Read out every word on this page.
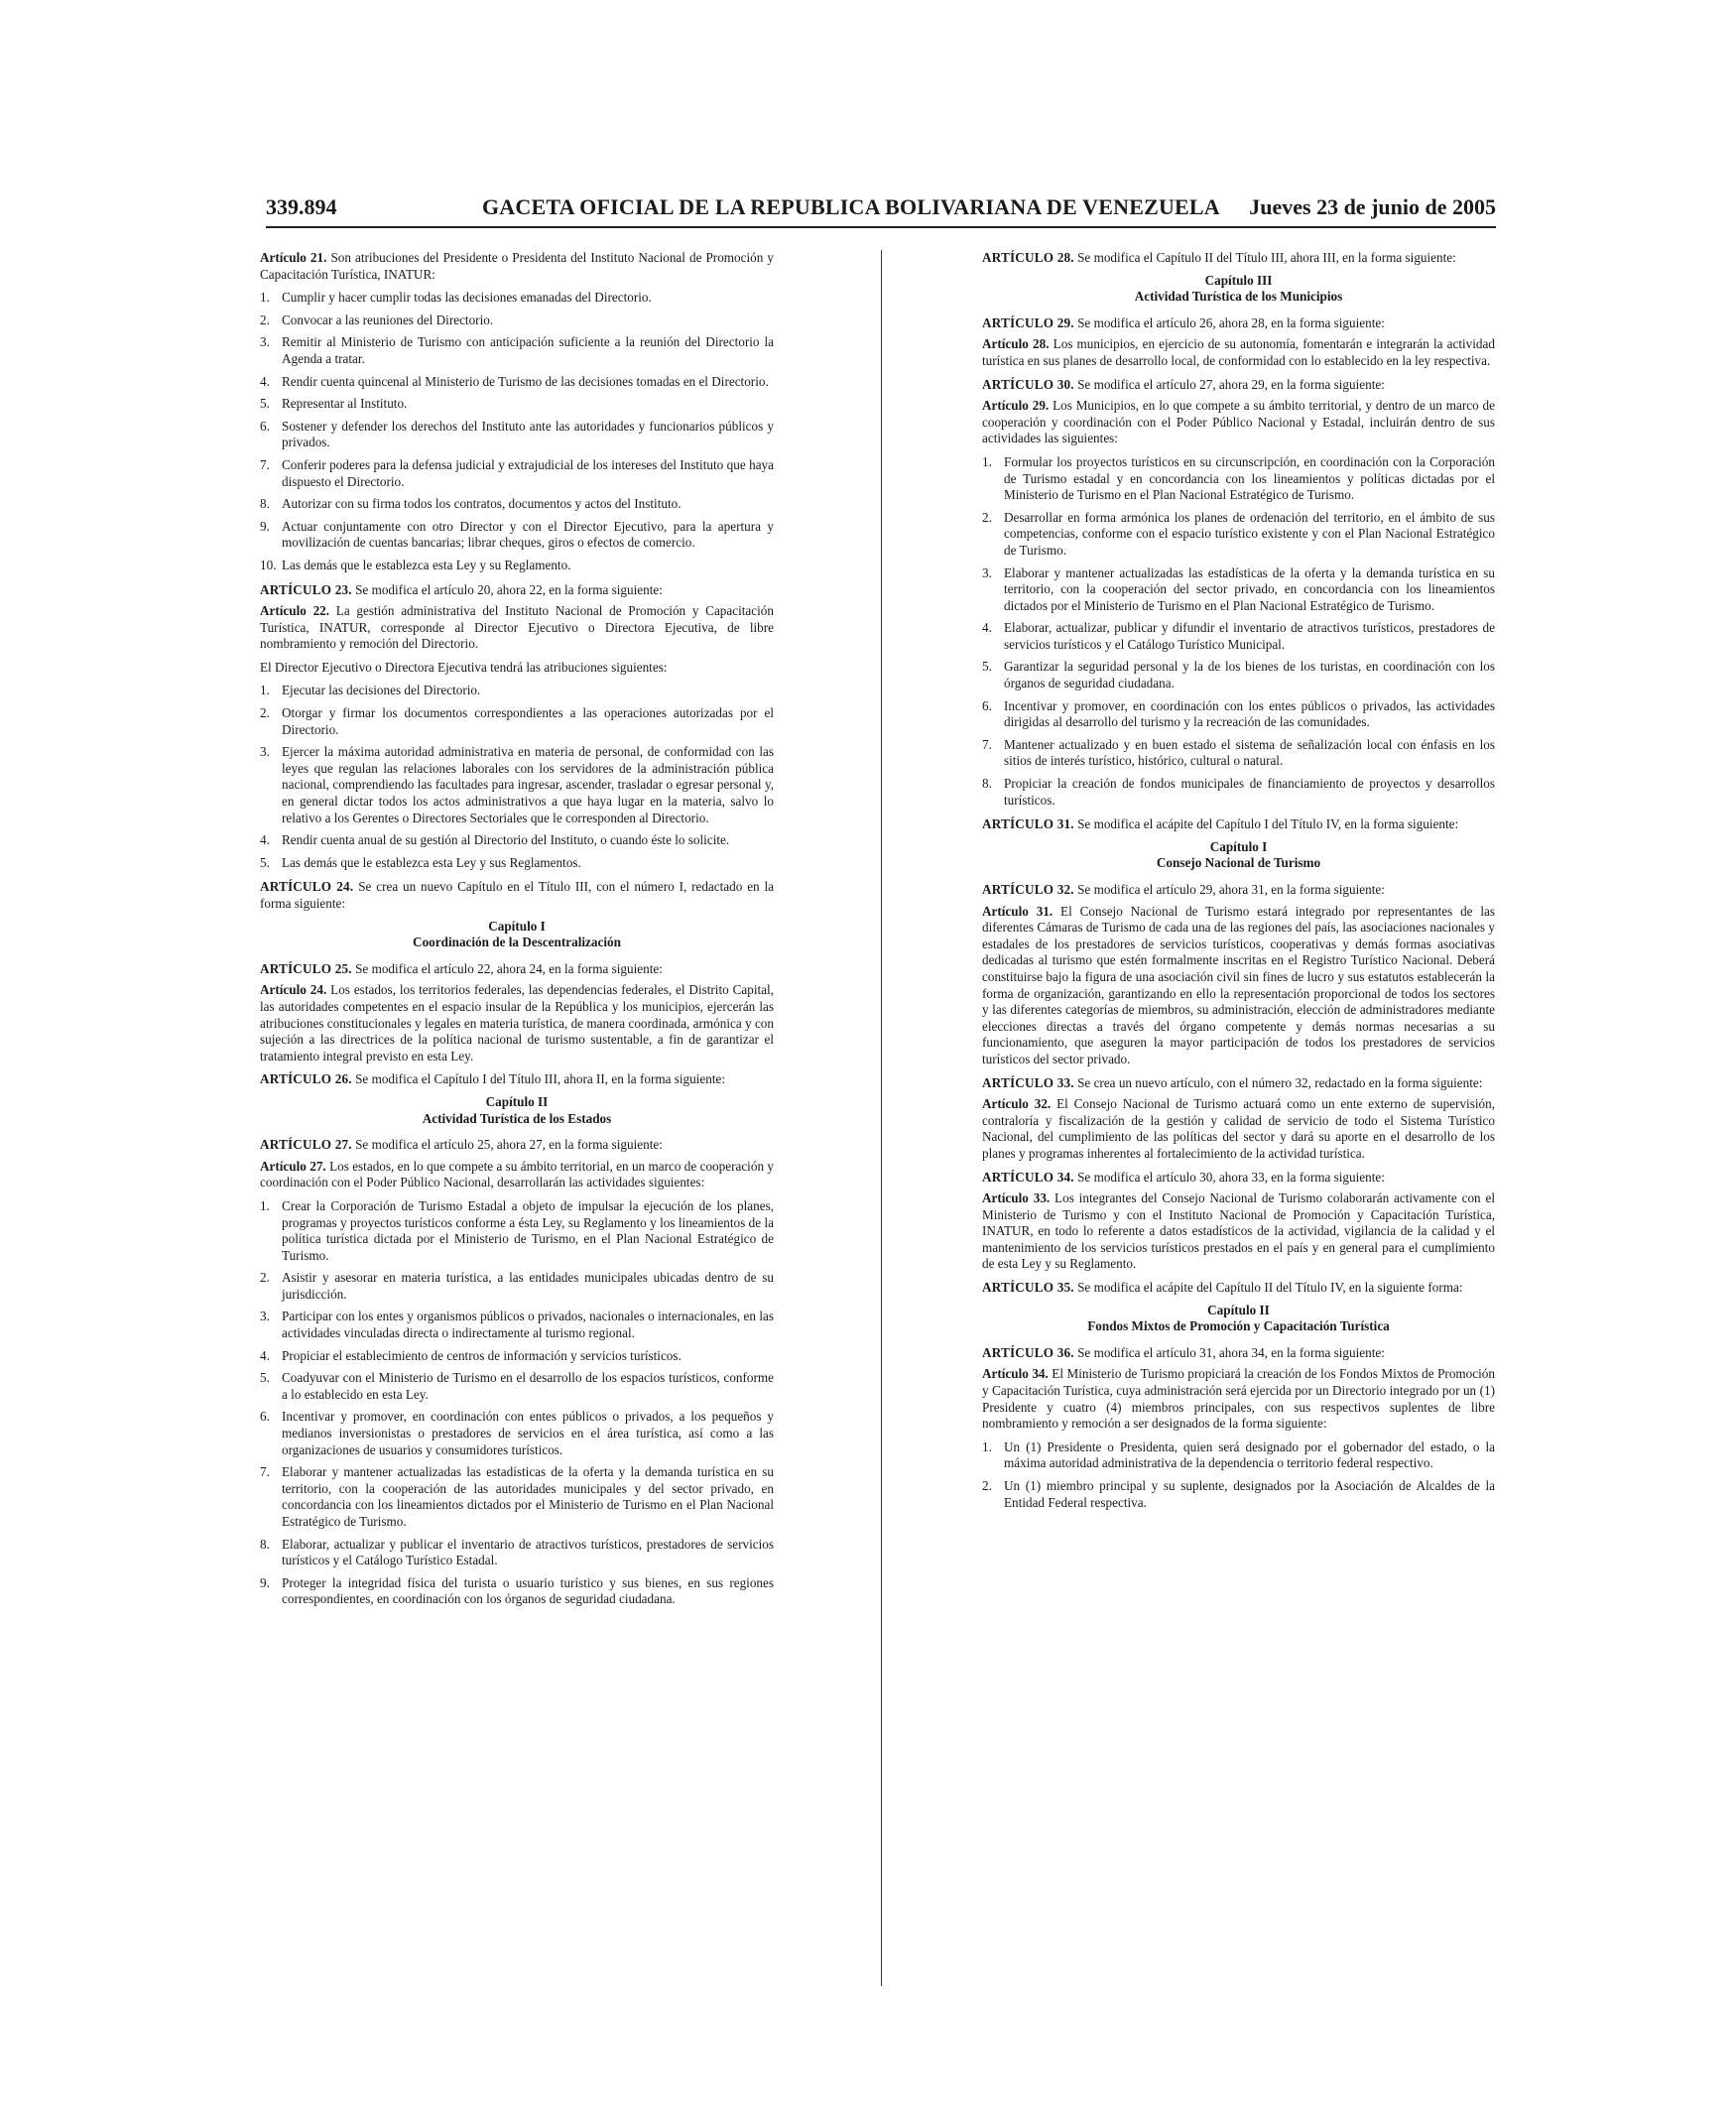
339.894	GACETA OFICIAL DE LA REPUBLICA BOLIVARIANA DE VENEZUELA Jueves 23 de junio de 2005

Artículo 21. Son atribuciones del Presidente o Presidenta del Instituto Nacional de Promoción y Capacitación Turística, INATUR:

1. Cumplir y hacer cumplir todas las decisiones emanadas del Directorio.
2. Convocar a las reuniones del Directorio.
3. Remitir al Ministerio de Turismo con anticipación suficiente a la reunión del Directorio la Agenda a tratar.
4. Rendir cuenta quincenal al Ministerio de Turismo de las decisiones tomadas en el Directorio.
5. Representar al Instituto.
6. Sostener y defender los derechos del Instituto ante las autoridades y funcionarios públicos y privados.
7. Conferir poderes para la defensa judicial y extrajudicial de los intereses del Instituto que haya dispuesto el Directorio.
8. Autorizar con su firma todos los contratos, documentos y actos del Instituto.
9. Actuar conjuntamente con otro Director y con el Director Ejecutivo, para la apertura y movilización de cuentas bancarias; librar cheques, giros o efectos de comercio.
10. Las demás que le establezca esta Ley y su Reglamento.

ARTÍCULO 23. Se modifica el artículo 20, ahora 22, en la forma siguiente:

Artículo 22. La gestión administrativa del Instituto Nacional de Promoción y Capacitación Turística, INATUR, corresponde al Director Ejecutivo o Directora Ejecutiva, de libre nombramiento y remoción del Directorio.

El Director Ejecutivo o Directora Ejecutiva tendrá las atribuciones siguientes:

1. Ejecutar las decisiones del Directorio.
2. Otorgar y firmar los documentos correspondientes a las operaciones autorizadas por el Directorio.
3. Ejercer la máxima autoridad administrativa en materia de personal, de conformidad con las leyes que regulan las relaciones laborales con los servidores de la administración pública nacional, comprendiendo las facultades para ingresar, ascender, trasladar o egresar personal y, en general dictar todos los actos administrativos a que haya lugar en la materia, salvo lo relativo a los Gerentes o Directores Sectoriales que le corresponden al Directorio.
4. Rendir cuenta anual de su gestión al Directorio del Instituto, o cuando éste lo solicite.
5. Las demás que le establezca esta Ley y sus Reglamentos.

ARTÍCULO 24. Se crea un nuevo Capítulo en el Título III, con el número I, redactado en la forma siguiente:

Capítulo I
Coordinación de la Descentralización

ARTÍCULO 25. Se modifica el artículo 22, ahora 24, en la forma siguiente:

Artículo 24. Los estados, los territorios federales, las dependencias federales, el Distrito Capital, las autoridades competentes en el espacio insular de la República y los municipios, ejercerán las atribuciones constitucionales y legales en materia turística, de manera coordinada, armónica y con sujeción a las directrices de la política nacional de turismo sustentable, a fin de garantizar el tratamiento integral previsto en esta Ley.

ARTÍCULO 26. Se modifica el Capítulo I del Título III, ahora II, en la forma siguiente:

Capítulo II
Actividad Turística de los Estados

ARTÍCULO 27. Se modifica el artículo 25, ahora 27, en la forma siguiente:

Artículo 27. Los estados, en lo que compete a su ámbito territorial, en un marco de cooperación y coordinación con el Poder Público Nacional, desarrollarán las actividades siguientes:

1. Crear la Corporación de Turismo Estadal a objeto de impulsar la ejecución de los planes, programas y proyectos turísticos conforme a ésta Ley, su Reglamento y los lineamientos de la política turística dictada por el Ministerio de Turismo, en el Plan Nacional Estratégico de Turismo.
2. Asistir y asesorar en materia turística, a las entidades municipales ubicadas dentro de su jurisdicción.
3. Participar con los entes y organismos públicos o privados, nacionales o internacionales, en las actividades vinculadas directa o indirectamente al turismo regional.
4. Propiciar el establecimiento de centros de información y servicios turísticos.
5. Coadyuvar con el Ministerio de Turismo en el desarrollo de los espacios turísticos, conforme a lo establecido en esta Ley.
6. Incentivar y promover, en coordinación con entes públicos o privados, a los pequeños y medianos inversionistas o prestadores de servicios en el área turística, así como a las organizaciones de usuarios y consumidores turísticos.
7. Elaborar y mantener actualizadas las estadísticas de la oferta y la demanda turística en su territorio, con la cooperación de las autoridades municipales y del sector privado, en concordancia con los lineamientos dictados por el Ministerio de Turismo en el Plan Nacional Estratégico de Turismo.
8. Elaborar, actualizar y publicar el inventario de atractivos turísticos, prestadores de servicios turísticos y el Catálogo Turístico Estadal.
9. Proteger la integridad física del turista o usuario turístico y sus bienes, en sus regiones correspondientes, en coordinación con los órganos de seguridad ciudadana.

ARTÍCULO 28. Se modifica el Capítulo II del Título III, ahora III, en la forma siguiente:

Capítulo III
Actividad Turística de los Municipios

ARTÍCULO 29. Se modifica el artículo 26, ahora 28, en la forma siguiente:

Artículo 28. Los municipios, en ejercicio de su autonomía, fomentarán e integrarán la actividad turística en sus planes de desarrollo local, de conformidad con lo establecido en la ley respectiva.

ARTÍCULO 30. Se modifica el artículo 27, ahora 29, en la forma siguiente:

Artículo 29. Los Municipios, en lo que compete a su ámbito territorial, y dentro de un marco de cooperación y coordinación con el Poder Público Nacional y Estadal, incluirán dentro de sus actividades las siguientes:

1. Formular los proyectos turísticos en su circunscripción, en coordinación con la Corporación de Turismo estadal y en concordancia con los lineamientos y políticas dictadas por el Ministerio de Turismo en el Plan Nacional Estratégico de Turismo.
2. Desarrollar en forma armónica los planes de ordenación del territorio, en el ámbito de sus competencias, conforme con el espacio turístico existente y con el Plan Nacional Estratégico de Turismo.
3. Elaborar y mantener actualizadas las estadísticas de la oferta y la demanda turística en su territorio, con la cooperación del sector privado, en concordancia con los lineamientos dictados por el Ministerio de Turismo en el Plan Nacional Estratégico de Turismo.
4. Elaborar, actualizar, publicar y difundir el inventario de atractivos turísticos, prestadores de servicios turísticos y el Catálogo Turístico Municipal.
5. Garantizar la seguridad personal y la de los bienes de los turistas, en coordinación con los órganos de seguridad ciudadana.
6. Incentivar y promover, en coordinación con los entes públicos o privados, las actividades dirigidas al desarrollo del turismo y la recreación de las comunidades.
7. Mantener actualizado y en buen estado el sistema de señalización local con énfasis en los sitios de interés turístico, histórico, cultural o natural.
8. Propiciar la creación de fondos municipales de financiamiento de proyectos y desarrollos turísticos.

ARTÍCULO 31. Se modifica el acápite del Capítulo I del Título IV, en la forma siguiente:

Capítulo I
Consejo Nacional de Turismo

ARTÍCULO 32. Se modifica el artículo 29, ahora 31, en la forma siguiente:

Artículo 31. El Consejo Nacional de Turismo estará integrado por representantes de las diferentes Cámaras de Turismo de cada una de las regiones del país, las asociaciones nacionales y estadales de los prestadores de servicios turísticos, cooperativas y demás formas asociativas dedicadas al turismo que estén formalmente inscritas en el Registro Turístico Nacional. Deberá constituirse bajo la figura de una asociación civil sin fines de lucro y sus estatutos establecerán la forma de organización, garantizando en ello la representación proporcional de todos los sectores y las diferentes categorías de miembros, su administración, elección de administradores mediante elecciones directas a través del órgano competente y demás normas necesarias a su funcionamiento, que aseguren la mayor participación de todos los prestadores de servicios turísticos del sector privado.

ARTÍCULO 33. Se crea un nuevo artículo, con el número 32, redactado en la forma siguiente:

Artículo 32. El Consejo Nacional de Turismo actuará como un ente externo de supervisión, contraloría y fiscalización de la gestión y calidad de servicio de todo el Sistema Turístico Nacional, del cumplimiento de las políticas del sector y dará su aporte en el desarrollo de los planes y programas inherentes al fortalecimiento de la actividad turística.

ARTÍCULO 34. Se modifica el artículo 30, ahora 33, en la forma siguiente:

Artículo 33. Los integrantes del Consejo Nacional de Turismo colaborarán activamente con el Ministerio de Turismo y con el Instituto Nacional de Promoción y Capacitación Turística, INATUR, en todo lo referente a datos estadísticos de la actividad, vigilancia de la calidad y el mantenimiento de los servicios turísticos prestados en el país y en general para el cumplimiento de esta Ley y su Reglamento.

ARTÍCULO 35. Se modifica el acápite del Capítulo II del Título IV, en la siguiente forma:

Capítulo II
Fondos Mixtos de Promoción y Capacitación Turística

ARTÍCULO 36. Se modifica el artículo 31, ahora 34, en la forma siguiente:

Artículo 34. El Ministerio de Turismo propiciará la creación de los Fondos Mixtos de Promoción y Capacitación Turística, cuya administración será ejercida por un Directorio integrado por un (1) Presidente y cuatro (4) miembros principales, con sus respectivos suplentes de libre nombramiento y remoción a ser designados de la forma siguiente:

1. Un (1) Presidente o Presidenta, quien será designado por el gobernador del estado, o la máxima autoridad administrativa de la dependencia o territorio federal respectivo.
2. Un (1) miembro principal y su suplente, designados por la Asociación de Alcaldes de la Entidad Federal respectiva.
